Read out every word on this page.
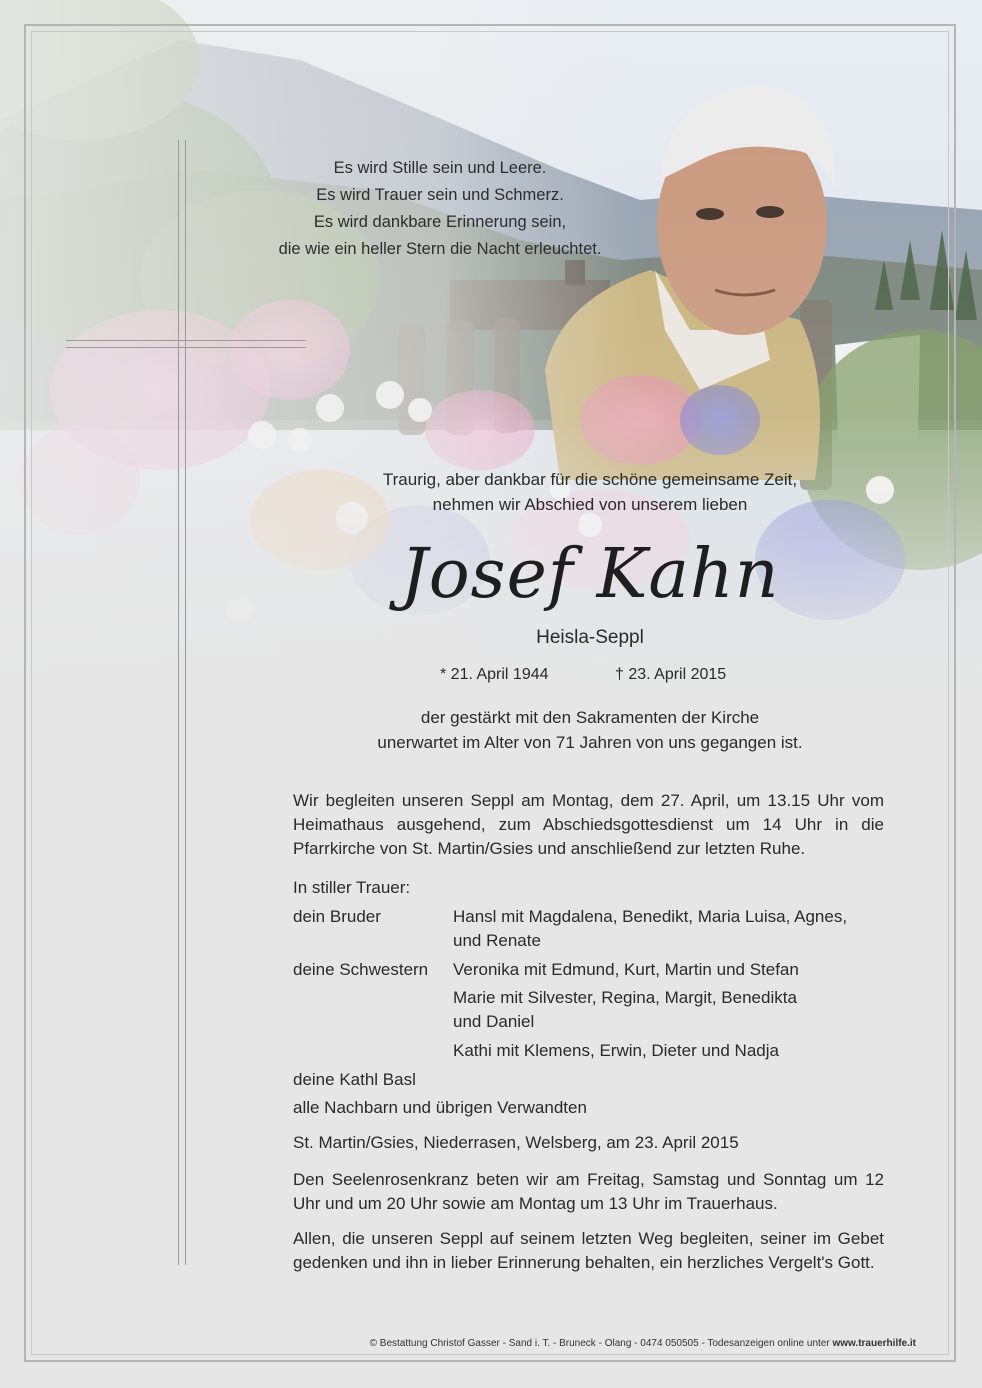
Es wird Stille sein und Leere.
Es wird Trauer sein und Schmerz.
Es wird dankbare Erinnerung sein,
die wie ein heller Stern die Nacht erleuchtet.
Traurig, aber dankbar für die schöne gemeinsame Zeit,
nehmen wir Abschied von unserem lieben
Josef Kahn
Heisla-Seppl
* 21. April 1944	† 23. April 2015
der gestärkt mit den Sakramenten der Kirche
unerwartet im Alter von 71 Jahren von uns gegangen ist.
Wir begleiten unseren Seppl am Montag, dem 27. April, um 13.15 Uhr vom Heimathaus ausgehend, zum Abschiedsgottesdienst um 14 Uhr in die Pfarrkirche von St. Martin/Gsies und anschließend zur letzten Ruhe.
In stiller Trauer:
dein Bruder	Hansl mit Magdalena, Benedikt, Maria Luisa, Agnes,
und Renate
deine Schwestern Veronika mit Edmund, Kurt, Martin und Stefan
Marie mit Silvester, Regina, Margit, Benedikta
und Daniel
Kathi mit Klemens, Erwin, Dieter und Nadja
deine Kathl Basl
alle Nachbarn und übrigen Verwandten
St. Martin/Gsies, Niederrasen, Welsberg, am 23. April 2015
Den Seelenrosenkranz beten wir am Freitag, Samstag und Sonntag um 12 Uhr und um 20 Uhr sowie am Montag um 13 Uhr im Trauerhaus.
Allen, die unseren Seppl auf seinem letzten Weg begleiten, seiner im Gebet gedenken und ihn in lieber Erinnerung behalten, ein herzliches Vergelt's Gott.
© Bestattung Christof Gasser - Sand i. T. - Bruneck - Olang - 0474 050505 - Todesanzeigen online unter www.trauerhilfe.it
